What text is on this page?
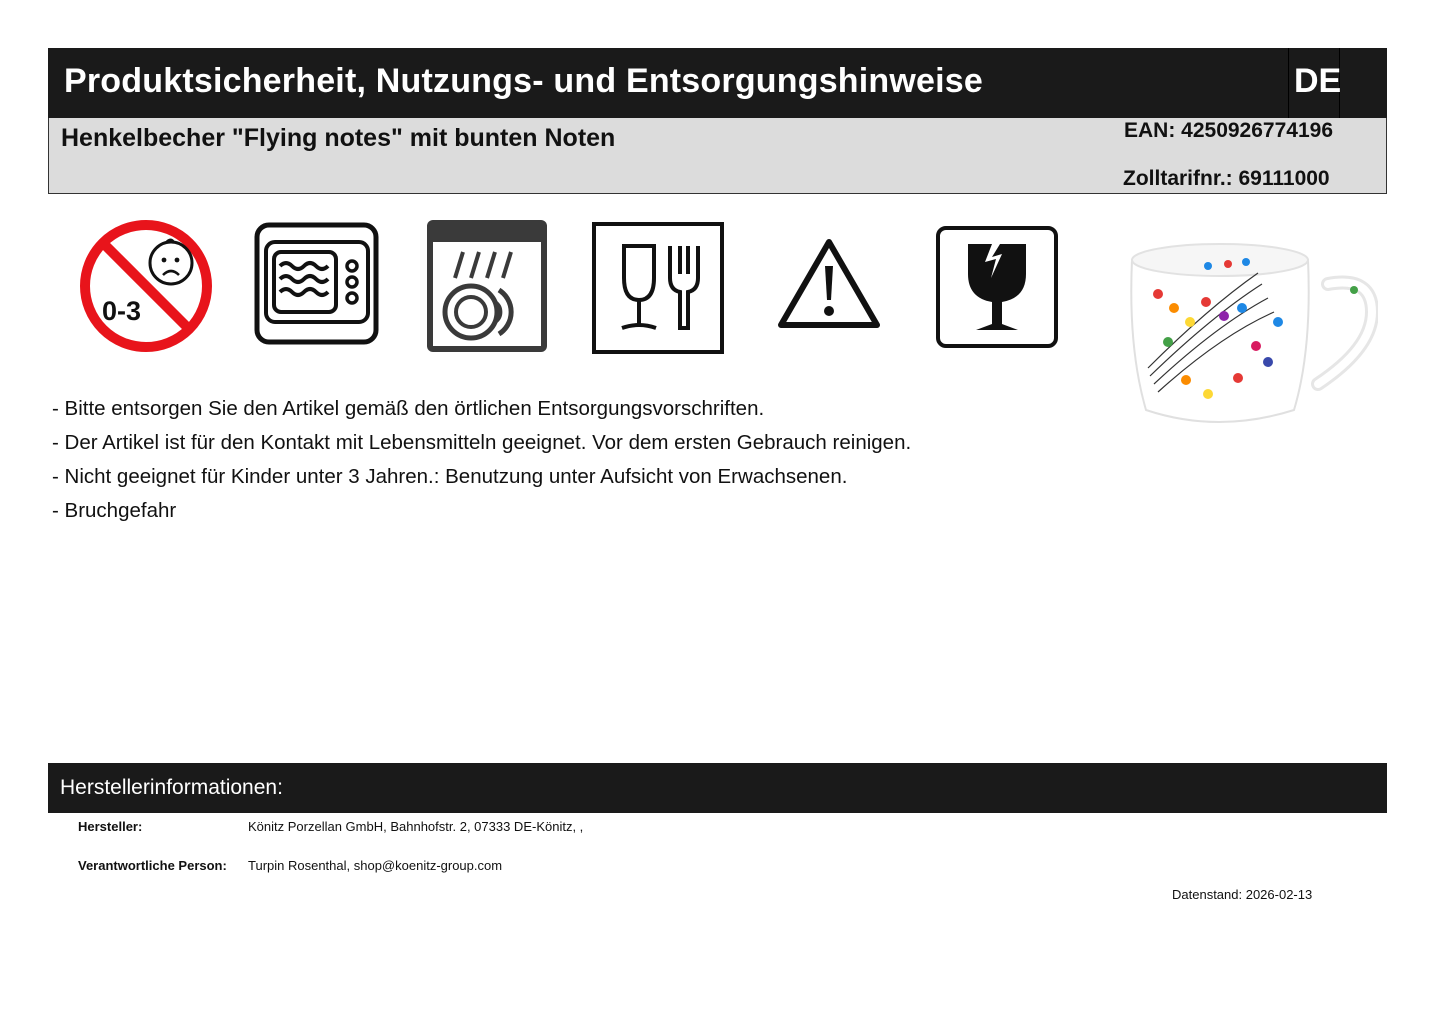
Produktsicherheit, Nutzungs- und Entsorgungshinweise	DE
Henkelbecher "Flying notes" mit bunten Noten	EAN: 4250926774196
Zolltarifnr.: 69111000
0-3
- Bitte entsorgen Sie den Artikel gemäß den örtlichen Entsorgungsvorschriften.
- Der Artikel ist für den Kontakt mit Lebensmitteln geeignet. Vor dem ersten Gebrauch reinigen.
- Nicht geeignet für Kinder unter 3 Jahren.: Benutzung unter Aufsicht von Erwachsenen.
- Bruchgefahr
Herstellerinformationen:
Hersteller:	Könitz Porzellan GmbH, Bahnhofstr. 2, 07333 DE-Könitz, ,
Verantwortliche Person: Turpin Rosenthal, shop@koenitz-group.com
Datenstand: 2026-02-13
